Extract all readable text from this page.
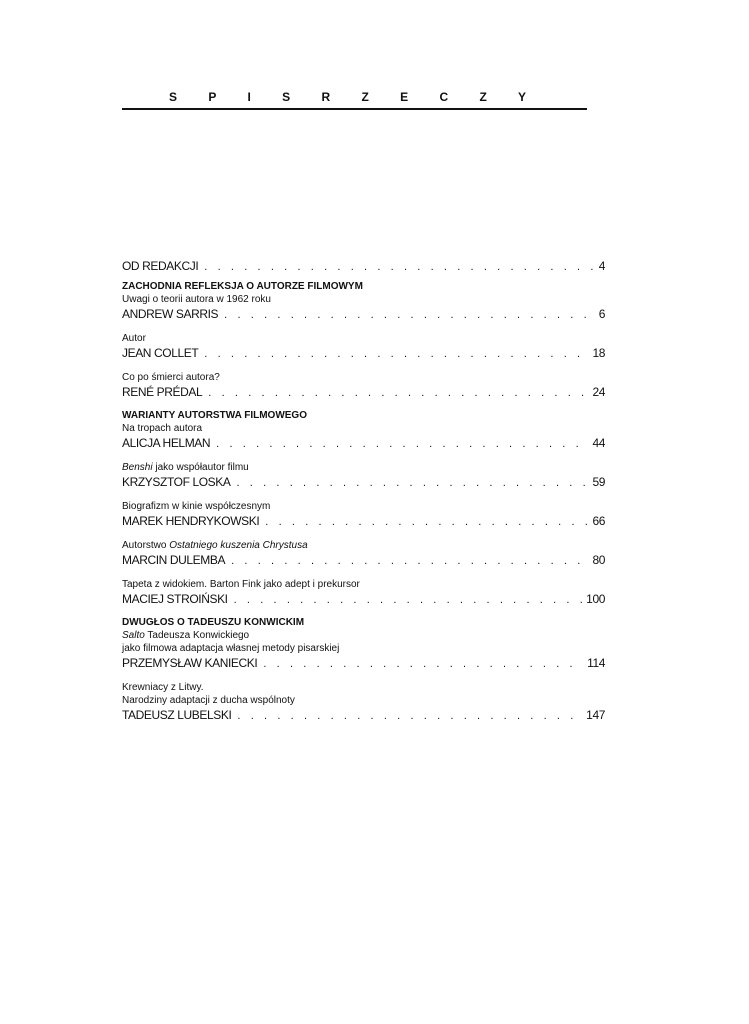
S P I S R Z E C Z Y
OD REDAKCJI . . .	4
ZACHODNIA REFLEKSJA O AUTORZE FILMOWYM
Uwagi o teorii autora w 1962 roku
ANDREW SARRIS . . .	6
Autor
JEAN COLLET . . .	18
Co po śmierci autora?
RENÉ PRÉDAL . . .	24
WARIANTY AUTORSTWA FILMOWEGO
Na tropach autora
ALICJA HELMAN . . .	44
Benshi jako współautor filmu
KRZYSZTOF LOSKA . . .	59
Biografizm w kinie współczesnym
MAREK HENDRYKOWSKI . . .	66
Autorstwo Ostatniego kuszenia Chrystusa
MARCIN DULEMBA . . .	80
Tapeta z widokiem. Barton Fink jako adept i prekursor
MACIEJ STROIŃSKI . . .	100
DWUGŁOS O TADEUSZU KONWICKIM
Salto Tadeusza Konwickiego
jako filmowa adaptacja własnej metody pisarskiej
PRZEMYSŁAW KANIECKI . . .	114
Krewniacy z Litwy.
Narodziny adaptacji z ducha wspólnoty
TADEUSZ LUBELSKI . . .	147
